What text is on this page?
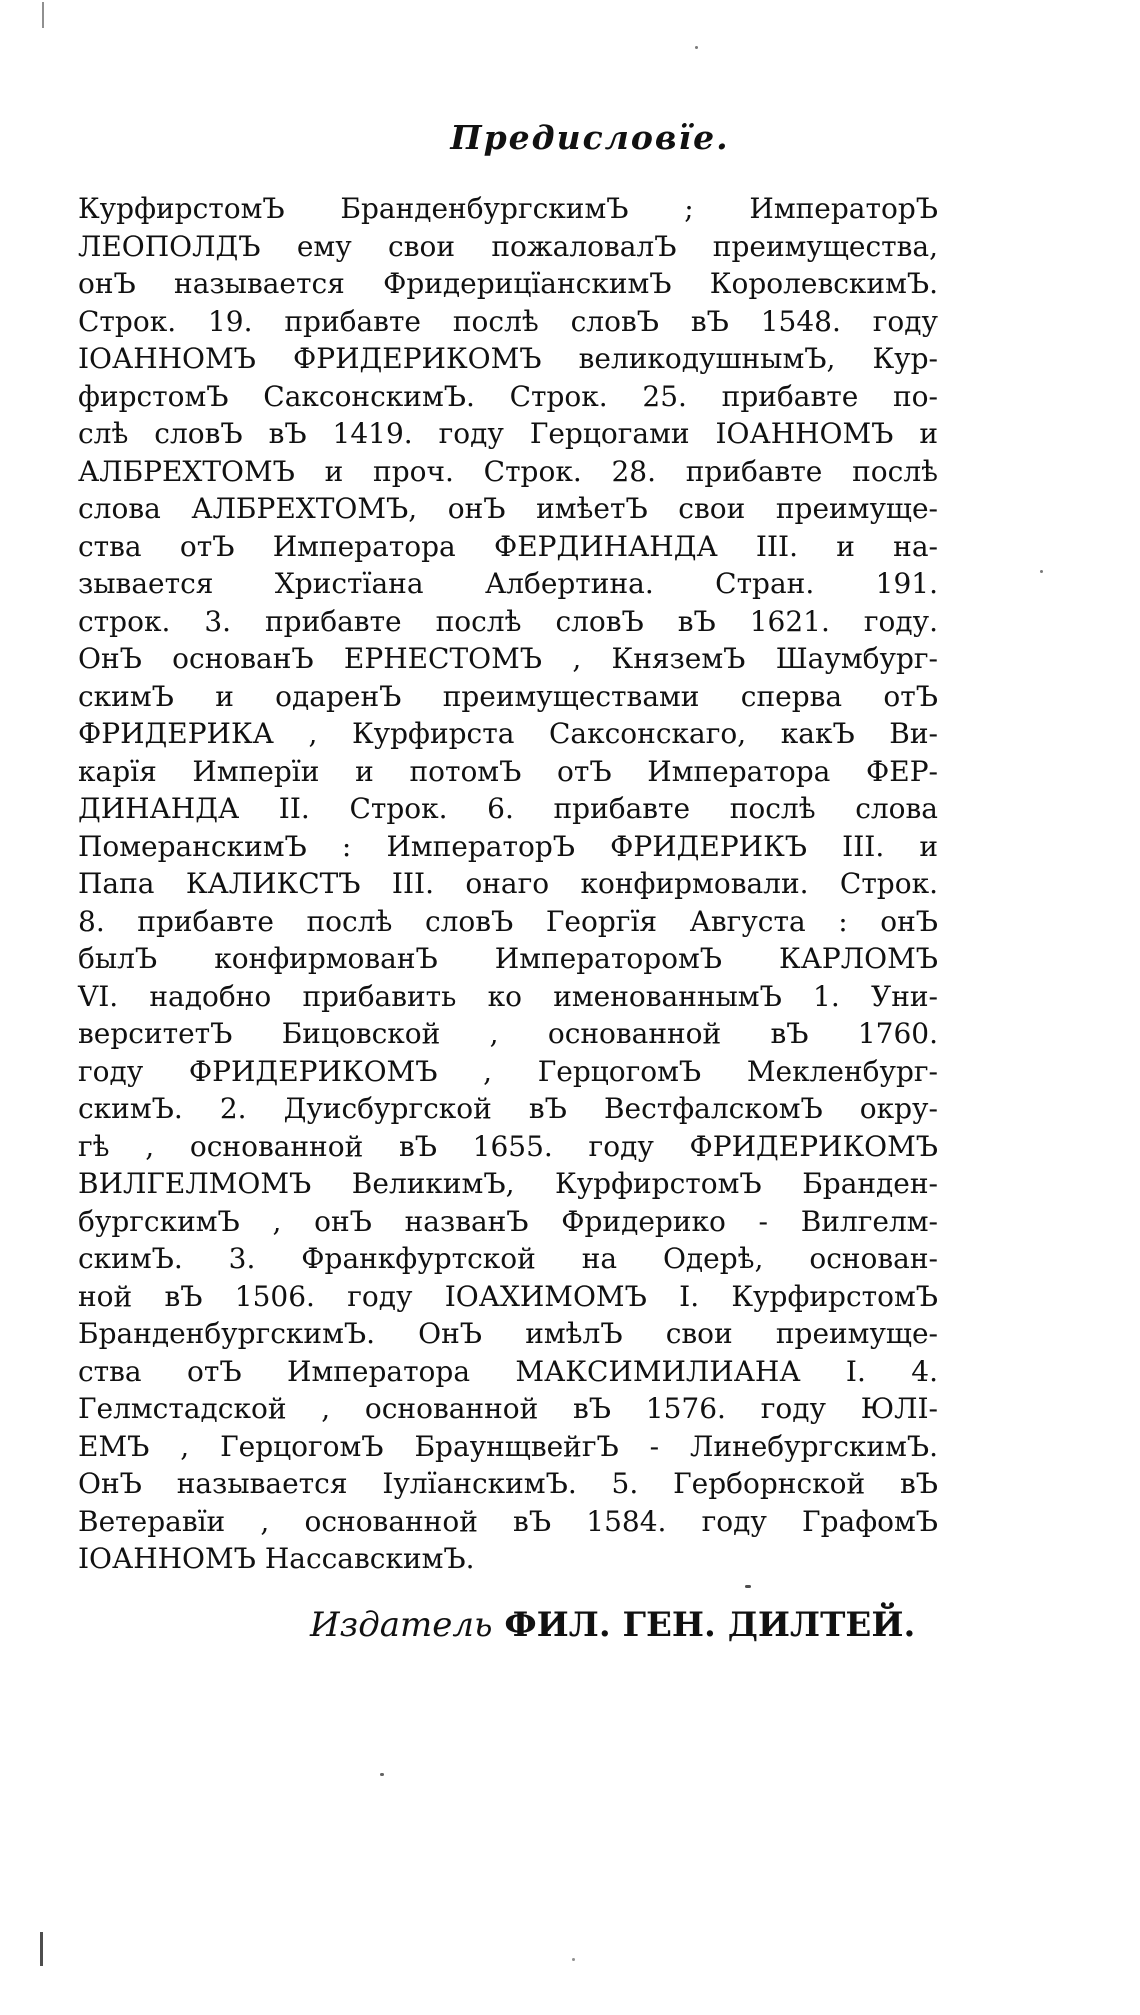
Предисловїе.
КурфирстомЪ БранденбургскимЪ ; ИмператорЪ
ЛЕОПОЛДЪ ему свои пожаловалЪ преимущества,
онЪ называется ФридерицїанскимЪ КоролевскимЪ.
Строк. 19. прибавте послѣ словЪ вЪ 1548. году
ІОАННОМЪ ФРИДЕРИКОМЪ великодушнымЪ, Кур-
фирстомЪ СаксонскимЪ. Строк. 25. прибавте по-
слѣ словЪ вЪ 1419. году Герцогами ІОАННОМЪ и
АЛБРЕХТОМЪ и проч. Строк. 28. прибавте послѣ
слова АЛБРЕХТОМЪ, онЪ имѣетЪ свои преимуще-
ства отЪ Императора ФЕРДИНАНДА III. и на-
зывается Христїана Албертина. Стран. 191.
строк. 3. прибавте послѣ словЪ вЪ 1621. году.
ОнЪ основанЪ ЕРНЕСТОМЪ , КняземЪ Шаумбург-
скимЪ и одаренЪ преимуществами сперва отЪ
ФРИДЕРИКА , Курфирста Саксонскаго, какЪ Ви-
карїя Имперїи и потомЪ отЪ Императора ФЕР-
ДИНАНДА II. Строк. 6. прибавте послѣ слова
ПомеранскимЪ : ИмператорЪ ФРИДЕРИКЪ III. и
Папа КАЛИКСТЪ III. онаго конфирмовали. Строк.
8. прибавте послѣ словЪ Георгїя Августа : онЪ
былЪ конфирмованЪ ИмператоромЪ КАРЛОМЪ
VI. надобно прибавить ко именованнымЪ 1. Уни-
верситетЪ Бицовской , основанной вЪ 1760.
году ФРИДЕРИКОМЪ , ГерцогомЪ Мекленбург-
скимЪ. 2. Дуисбургской вЪ ВестфалскомЪ окру-
гѣ , основанной вЪ 1655. году ФРИДЕРИКОМЪ
ВИЛГЕЛМОМЪ ВеликимЪ, КурфирстомЪ Бранден-
бургскимЪ , онЪ названЪ Фридерико - Вилгелм-
скимЪ. 3. Франкфуртской на Одерѣ, основан-
ной вЪ 1506. году ІОАХИМОМЪ I. КурфирстомЪ
БранденбургскимЪ. ОнЪ имѣлЪ свои преимуще-
ства отЪ Императора МАКСИМИЛИАНА I. 4.
Гелмстадской , основанной вЪ 1576. году ЮЛІ-
ЕМЪ , ГерцогомЪ БраунщвейгЪ - ЛинебургскимЪ.
ОнЪ называется ІулїанскимЪ. 5. Герборнской вЪ
Ветеравїи , основанной вЪ 1584. году ГрафомЪ
ІОАННОМЪ НассавскимЪ.
Издатель ФИЛ. ГЕН. ДИЛТЕЙ.
